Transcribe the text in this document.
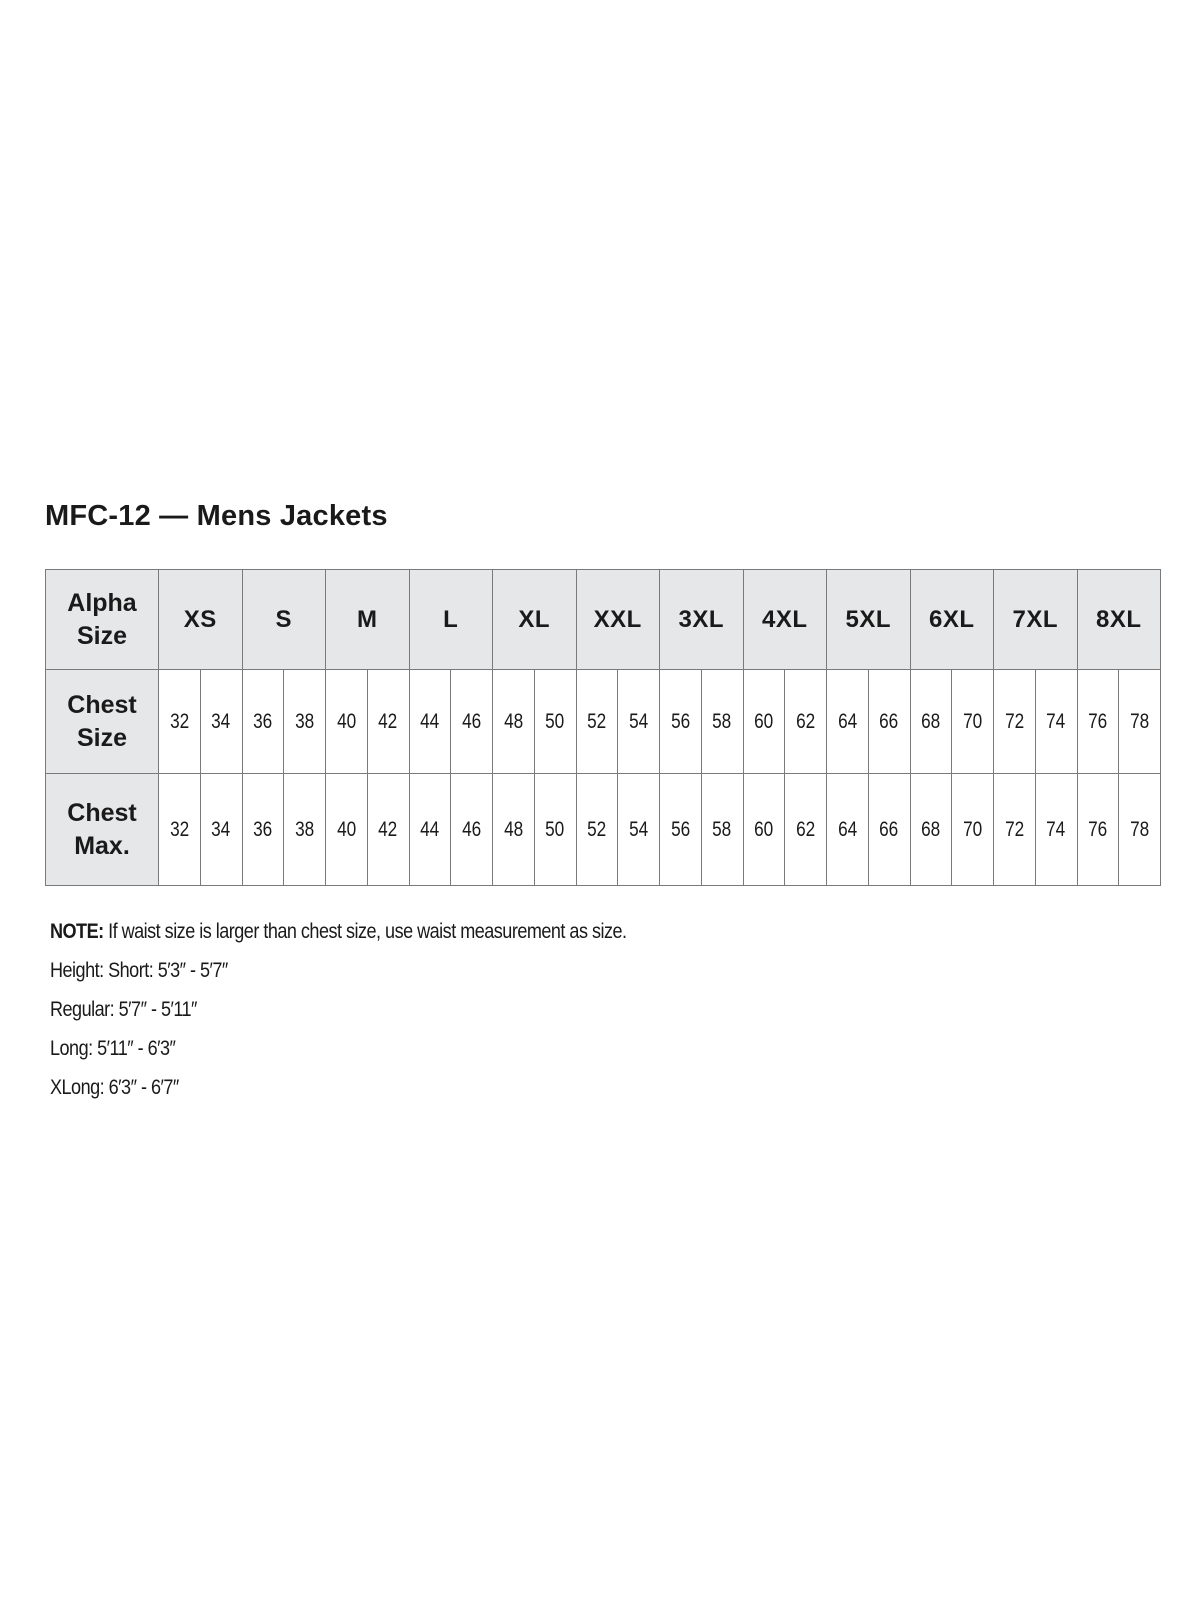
MFC-12 — Mens Jackets
Alpha
Size	XS		S		M		L		XL		XXL		3XL		4XL		5XL		6XL		7XL		8XL	
Chest
Size	32	34	36	38	40	42	44	46	48	50	52	54	56	58	60	62	64	66	68	70	72	74	76	78
Chest
Max.	32	34	36	38	40	42	44	46	48	50	52	54	56	58	60	62	64	66	68	70	72	74	76	78
NOTE: If waist size is larger than chest size, use waist measurement as size.
Height: Short: 5′3″ - 5′7″
Regular: 5′7″ - 5′11″
Long: 5′11″ - 6′3″
XLong: 6′3″ - 6′7″
